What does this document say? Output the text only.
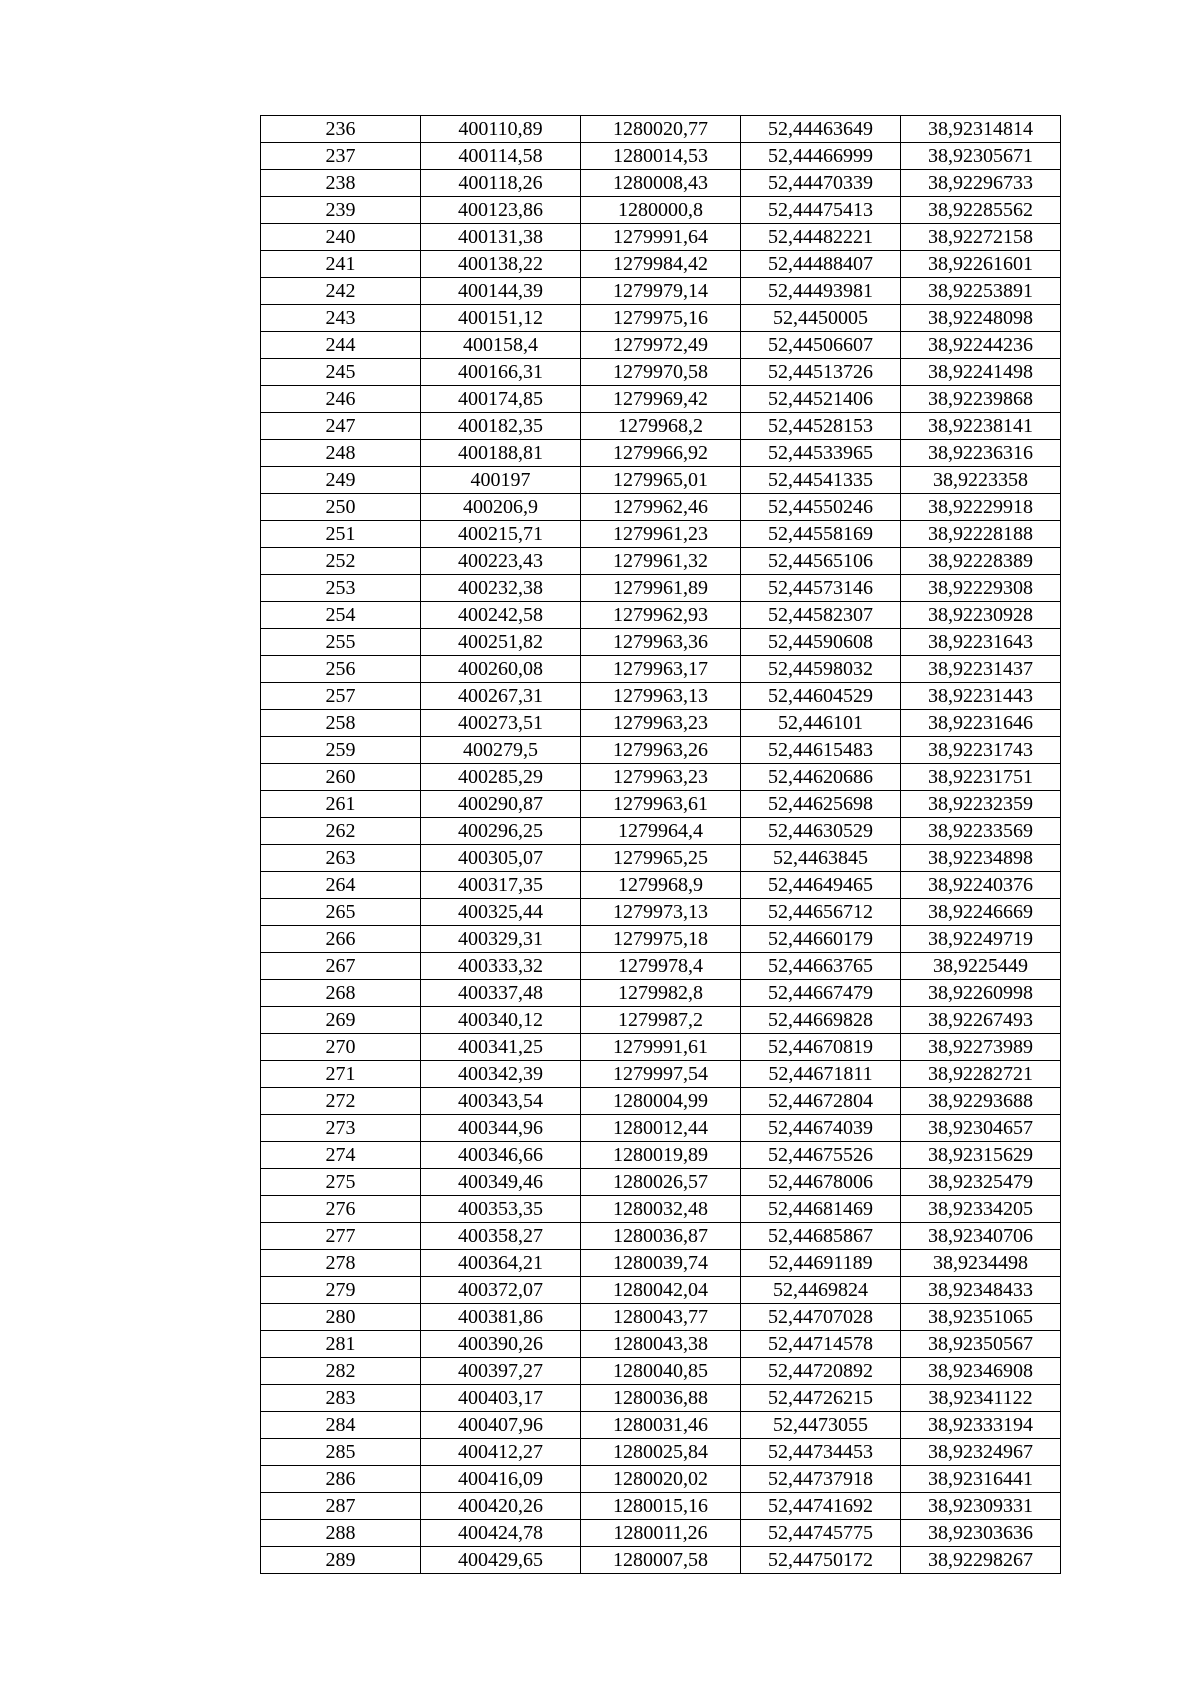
236	400110,89	1280020,77	52,44463649	38,92314814
237	400114,58	1280014,53	52,44466999	38,92305671
238	400118,26	1280008,43	52,44470339	38,92296733
239	400123,86	1280000,8	52,44475413	38,92285562
240	400131,38	1279991,64	52,44482221	38,92272158
241	400138,22	1279984,42	52,44488407	38,92261601
242	400144,39	1279979,14	52,44493981	38,92253891
243	400151,12	1279975,16	52,4450005	38,92248098
244	400158,4	1279972,49	52,44506607	38,92244236
245	400166,31	1279970,58	52,44513726	38,92241498
246	400174,85	1279969,42	52,44521406	38,92239868
247	400182,35	1279968,2	52,44528153	38,92238141
248	400188,81	1279966,92	52,44533965	38,92236316
249	400197	1279965,01	52,44541335	38,9223358
250	400206,9	1279962,46	52,44550246	38,92229918
251	400215,71	1279961,23	52,44558169	38,92228188
252	400223,43	1279961,32	52,44565106	38,92228389
253	400232,38	1279961,89	52,44573146	38,92229308
254	400242,58	1279962,93	52,44582307	38,92230928
255	400251,82	1279963,36	52,44590608	38,92231643
256	400260,08	1279963,17	52,44598032	38,92231437
257	400267,31	1279963,13	52,44604529	38,92231443
258	400273,51	1279963,23	52,446101	38,92231646
259	400279,5	1279963,26	52,44615483	38,92231743
260	400285,29	1279963,23	52,44620686	38,92231751
261	400290,87	1279963,61	52,44625698	38,92232359
262	400296,25	1279964,4	52,44630529	38,92233569
263	400305,07	1279965,25	52,4463845	38,92234898
264	400317,35	1279968,9	52,44649465	38,92240376
265	400325,44	1279973,13	52,44656712	38,92246669
266	400329,31	1279975,18	52,44660179	38,92249719
267	400333,32	1279978,4	52,44663765	38,9225449
268	400337,48	1279982,8	52,44667479	38,92260998
269	400340,12	1279987,2	52,44669828	38,92267493
270	400341,25	1279991,61	52,44670819	38,92273989
271	400342,39	1279997,54	52,44671811	38,92282721
272	400343,54	1280004,99	52,44672804	38,92293688
273	400344,96	1280012,44	52,44674039	38,92304657
274	400346,66	1280019,89	52,44675526	38,92315629
275	400349,46	1280026,57	52,44678006	38,92325479
276	400353,35	1280032,48	52,44681469	38,92334205
277	400358,27	1280036,87	52,44685867	38,92340706
278	400364,21	1280039,74	52,44691189	38,9234498
279	400372,07	1280042,04	52,4469824	38,92348433
280	400381,86	1280043,77	52,44707028	38,92351065
281	400390,26	1280043,38	52,44714578	38,92350567
282	400397,27	1280040,85	52,44720892	38,92346908
283	400403,17	1280036,88	52,44726215	38,92341122
284	400407,96	1280031,46	52,4473055	38,92333194
285	400412,27	1280025,84	52,44734453	38,92324967
286	400416,09	1280020,02	52,44737918	38,92316441
287	400420,26	1280015,16	52,44741692	38,92309331
288	400424,78	1280011,26	52,44745775	38,92303636
289	400429,65	1280007,58	52,44750172	38,92298267
